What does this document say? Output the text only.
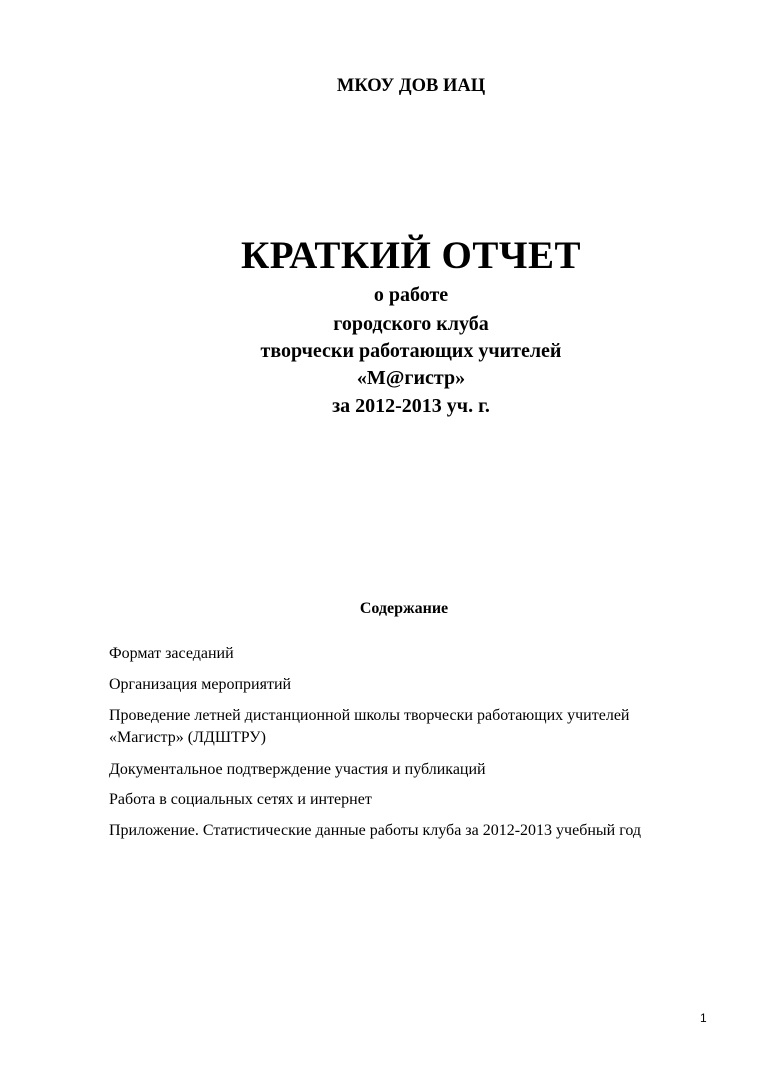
МКОУ ДОВ ИАЦ
КРАТКИЙ ОТЧЕТ
о работе
городского клуба
творчески работающих учителей
«М@гистр»
за 2012-2013 уч. г.
Содержание
Формат заседаний
Организация мероприятий
Проведение летней дистанционной школы творчески работающих учителей
«Магистр» (ЛДШТРУ)
Документальное подтверждение участия и публикаций
Работа в социальных сетях и интернет
Приложение. Статистические данные работы клуба за 2012-2013 учебный год
1
